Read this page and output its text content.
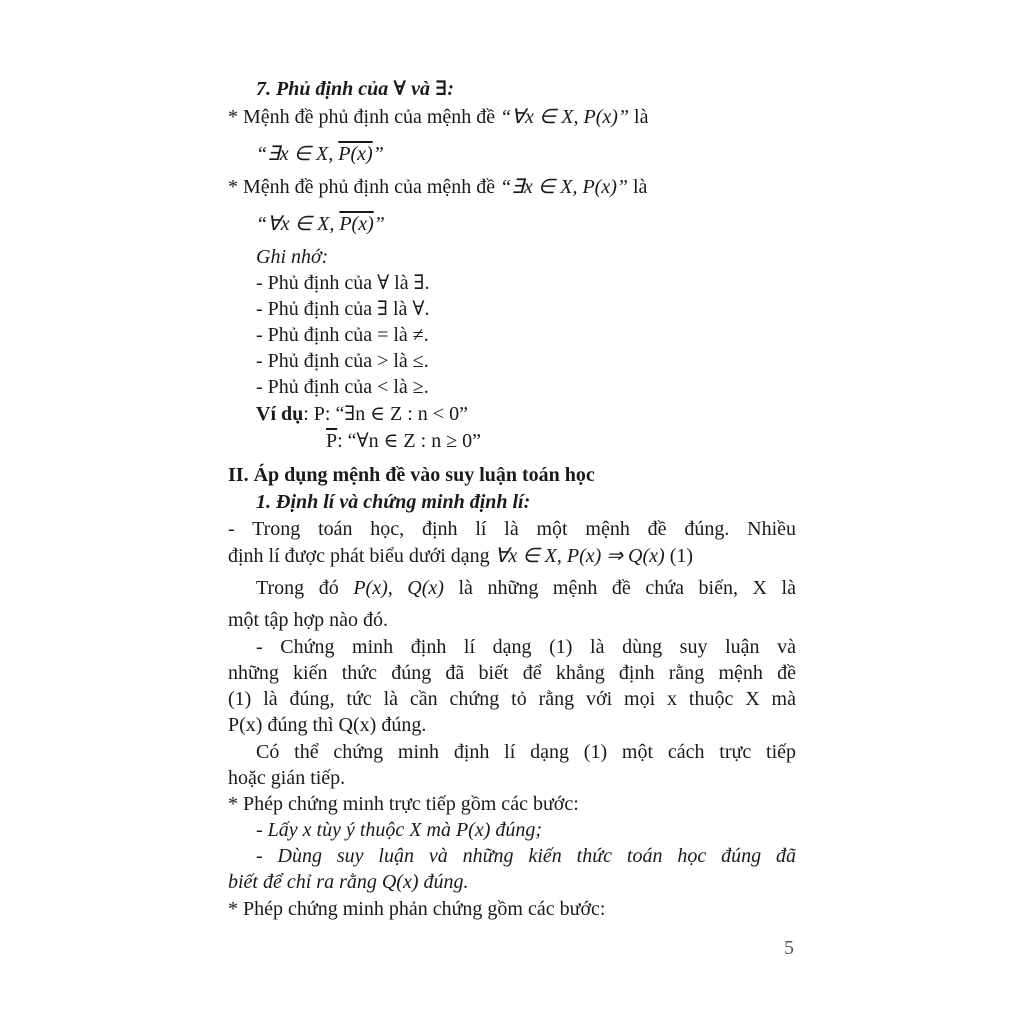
7. Phủ định của ∀ và ∃:
* Mệnh đề phủ định của mệnh đề “∀x ∈ X, P(x)” là
“∃x ∈ X, P(x)”
* Mệnh đề phủ định của mệnh đề “∃x ∈ X, P(x)” là
“∀x ∈ X, P(x)”
Ghi nhớ:
- Phủ định của ∀ là ∃.
- Phủ định của ∃ là ∀.
- Phủ định của = là ≠.
- Phủ định của > là ≤.
- Phủ định của < là ≥.
Ví dụ: P: “∃n ∈ Z : n < 0”
$\overline{P}$: “∀n ∈ Z : n ≥ 0”
II. Áp dụng mệnh đề vào suy luận toán học
1. Định lí và chứng minh định lí:
- Trong toán học, định lí là một mệnh đề đúng. Nhiều
định lí được phát biểu dưới dạng ∀x ∈ X, P(x) ⇒ Q(x) (1)
Trong đó P(x), Q(x) là những mệnh đề chứa biến, X là
một tập hợp nào đó.
- Chứng minh định lí dạng (1) là dùng suy luận và
những kiến thức đúng đã biết để khẳng định rằng mệnh đề
(1) là đúng, tức là cần chứng tỏ rằng với mọi x thuộc X mà
P(x) đúng thì Q(x) đúng.
Có thể chứng minh định lí dạng (1) một cách trực tiếp
hoặc gián tiếp.
* Phép chứng minh trực tiếp gồm các bước:
- Lấy x tùy ý thuộc X mà P(x) đúng;
- Dùng suy luận và những kiến thức toán học đúng đã
biết để chỉ ra rằng Q(x) đúng.
* Phép chứng minh phản chứng gồm các bước:
5
